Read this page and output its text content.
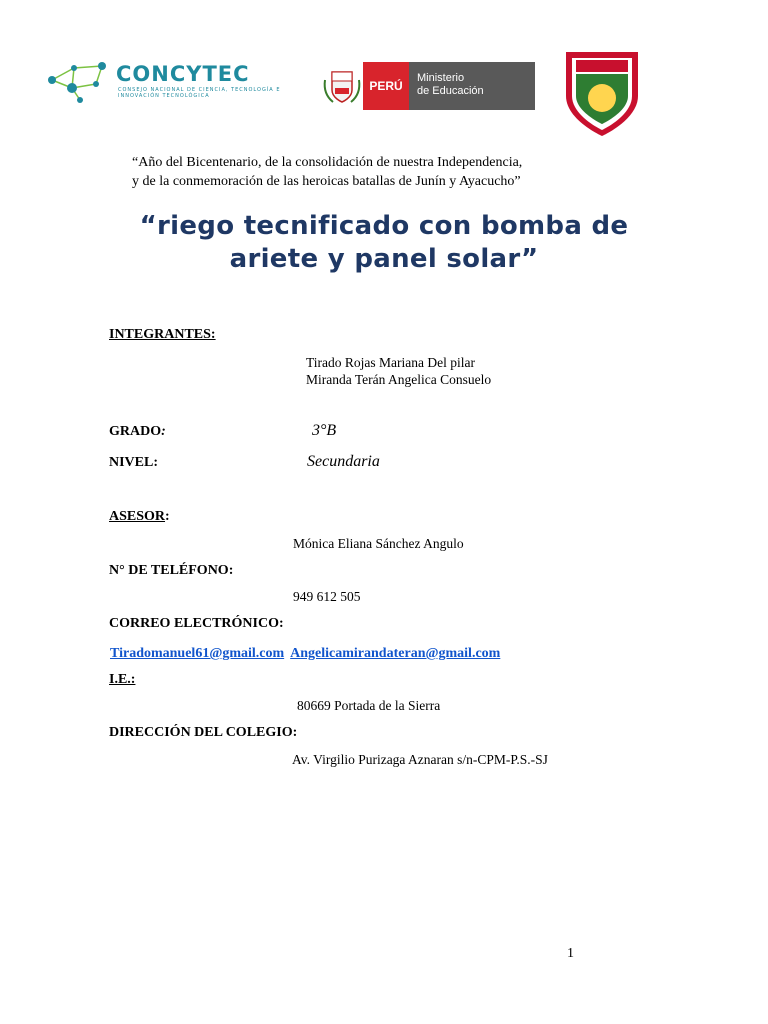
CONCYTEC
CONSEJO NACIONAL DE CIENCIA, TECNOLOGÍA E INNOVACIÓN TECNOLÓGICA
PERÚ
Ministerio
de Educación
“Año del Bicentenario, de la consolidación de nuestra Independencia,
y de la conmemoración de las heroicas batallas de Junín y Ayacucho”
“riego tecnificado con bomba de
ariete y panel solar”
INTEGRANTES:
Tirado Rojas Mariana Del pilar
Miranda Terán Angelica Consuelo
GRADO:	3°B
NIVEL:	Secundaria
ASESOR:
Mónica Eliana Sánchez Angulo
N° DE TELÉFONO:
949 612 505
CORREO ELECTRÓNICO:
Tiradomanuel61@gmail.com Angelicamirandateran@gmail.com
I.E.:
80669 Portada de la Sierra
DIRECCIÓN DEL COLEGIO:
Av. Virgilio Purizaga Aznaran s/n-CPM-P.S.-SJ
1
